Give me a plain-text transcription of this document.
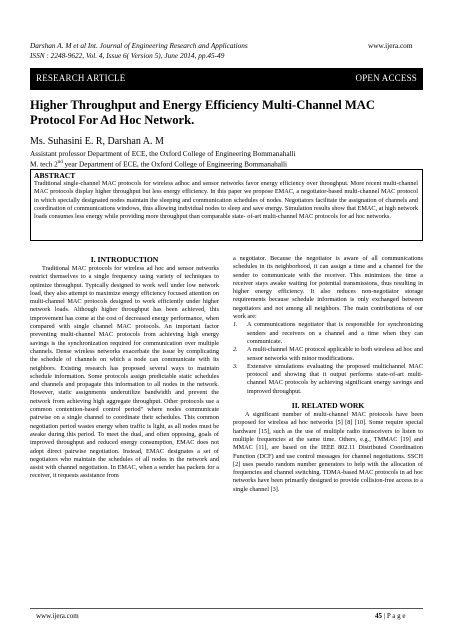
Darshan A. M et al Int. Journal of Engineering Research and Applications	www.ijera.com
ISSN : 2248-9622, Vol. 4, Issue 6( Version 5), June 2014, pp.45-49
RESEARCH ARTICLE	OPEN ACCESS
Higher Throughput and Energy Efficiency Multi-Channel MAC Protocol For Ad Hoc Network.
Ms. Suhasini E. R, Darshan A. M
Assistant professor Department of ECE, the Oxford College of Engineering Bommanahalli
M. tech 2nd year Department of ECE, the Oxford College of Engineering Bommanahalli
ABSTRACT
Traditional single-channel MAC protocols for wireless adhoc and sensor networks favor energy efficiency over throughput. More recent multi-channel MAC protocols display higher throughput but less energy efficiency. In this paper we propose EMAC, a negotiator-based multi-channel MAC protocol in which specially designated nodes maintain the sleeping and communication schedules of nodes. Negotiators facilitate the assignation of channels and coordination of communications windows, thus allowing individual nodes to sleep and save energy. Simulation results show that EMAC, at high network loads consumes less energy while providing more throughput than comparable state- of-art multi-channel MAC protocols for ad hoc networks.
I. INTRODUCTION
Traditional MAC protocols for wireless ad hoc and sensor networks restrict themselves to a single frequency using variety of techniques to optimize throughput. Typically designed to work well under low network load, they also attempt to maximize energy efficiency focused attention on multi-channel MAC protocols designed to work efficiently under higher network loads. Although higher throughput has been achieved, this improvement has come at the cost of decreased energy performance, when compared with single channel MAC protocols. An important factor preventing multi-channel MAC protocols from achieving high energy savings is the synchronization required for communication over multiple channels. Dense wireless networks exacerbate the issue by complicating the schedule of channels on which a node can communicate with its neighbors. Existing research has proposed several ways to maintain schedule information. Some protocols assign predictable static schedules and channels and propagate this information to all nodes in the network. However, static assignments underutilize bandwidth and prevent the network from achieving high aggregate throughput. Other protocols use a common contention-based control period" where nodes communicate pairwise on a single channel to coordinate their schedules. This common negotiation period wastes energy when traffic is light, as all nodes must be awake during this period. To meet the dual, and often opposing, goals of improved throughput and reduced energy consumption, EMAC does not adopt direct pairwise negotiation. Instead, EMAC designates a set of negotiators who maintain the schedules of all nodes in the network and assist with channel negotiation. In EMAC, when a sender has packets for a receiver, it requests assistance from
a negotiator. Because the negotiator is aware of all communications schedules in its neighborhood, it can assign a time and a channel for the sender to communicate with the receiver. This minimizes the time a receiver stays awake waiting for potential transmissions, thus resulting in higher energy efficiency. It also reduces non-negotiator storage requirements because schedule information is only exchanged between negotiators and not among all neighbors. The main contributions of our work are:
1. A communications negotiator that is responsible for synchronizing senders and receivers on a channel and a time when they can communicate.
2. A multi-channel MAC protocol applicable to both wireless ad hoc and sensor networks with minor modifications.
3. Extensive simulations evaluating the proposed multichannel MAC protocol and showing that it output performs state-of-art multi-channel MAC protocols by achieving significant energy savings and improved throughput.
II. RELATED WORK
A significant number of multi-channel MAC protocols have been proposed for wireless ad hoc networks [5] [8] [10]. Some require special hardware [15], such as the use of multiple radio transceivers to listen to multiple frequencies at the same time. Others, e.g., TMMAC [19] and MMAC [11], are based on the IEEE 802.11 Distributed Coordination Function (DCF) and use control messages for channel negotiations. SSCH [2] uses pseudo random number generators to help with the allocation of frequencies and channel switching. TDMA-based MAC protocols in ad hoc networks have been primarily designed to provide collision-free access to a single channel [3].
www.ijera.com	45 | P a g e
